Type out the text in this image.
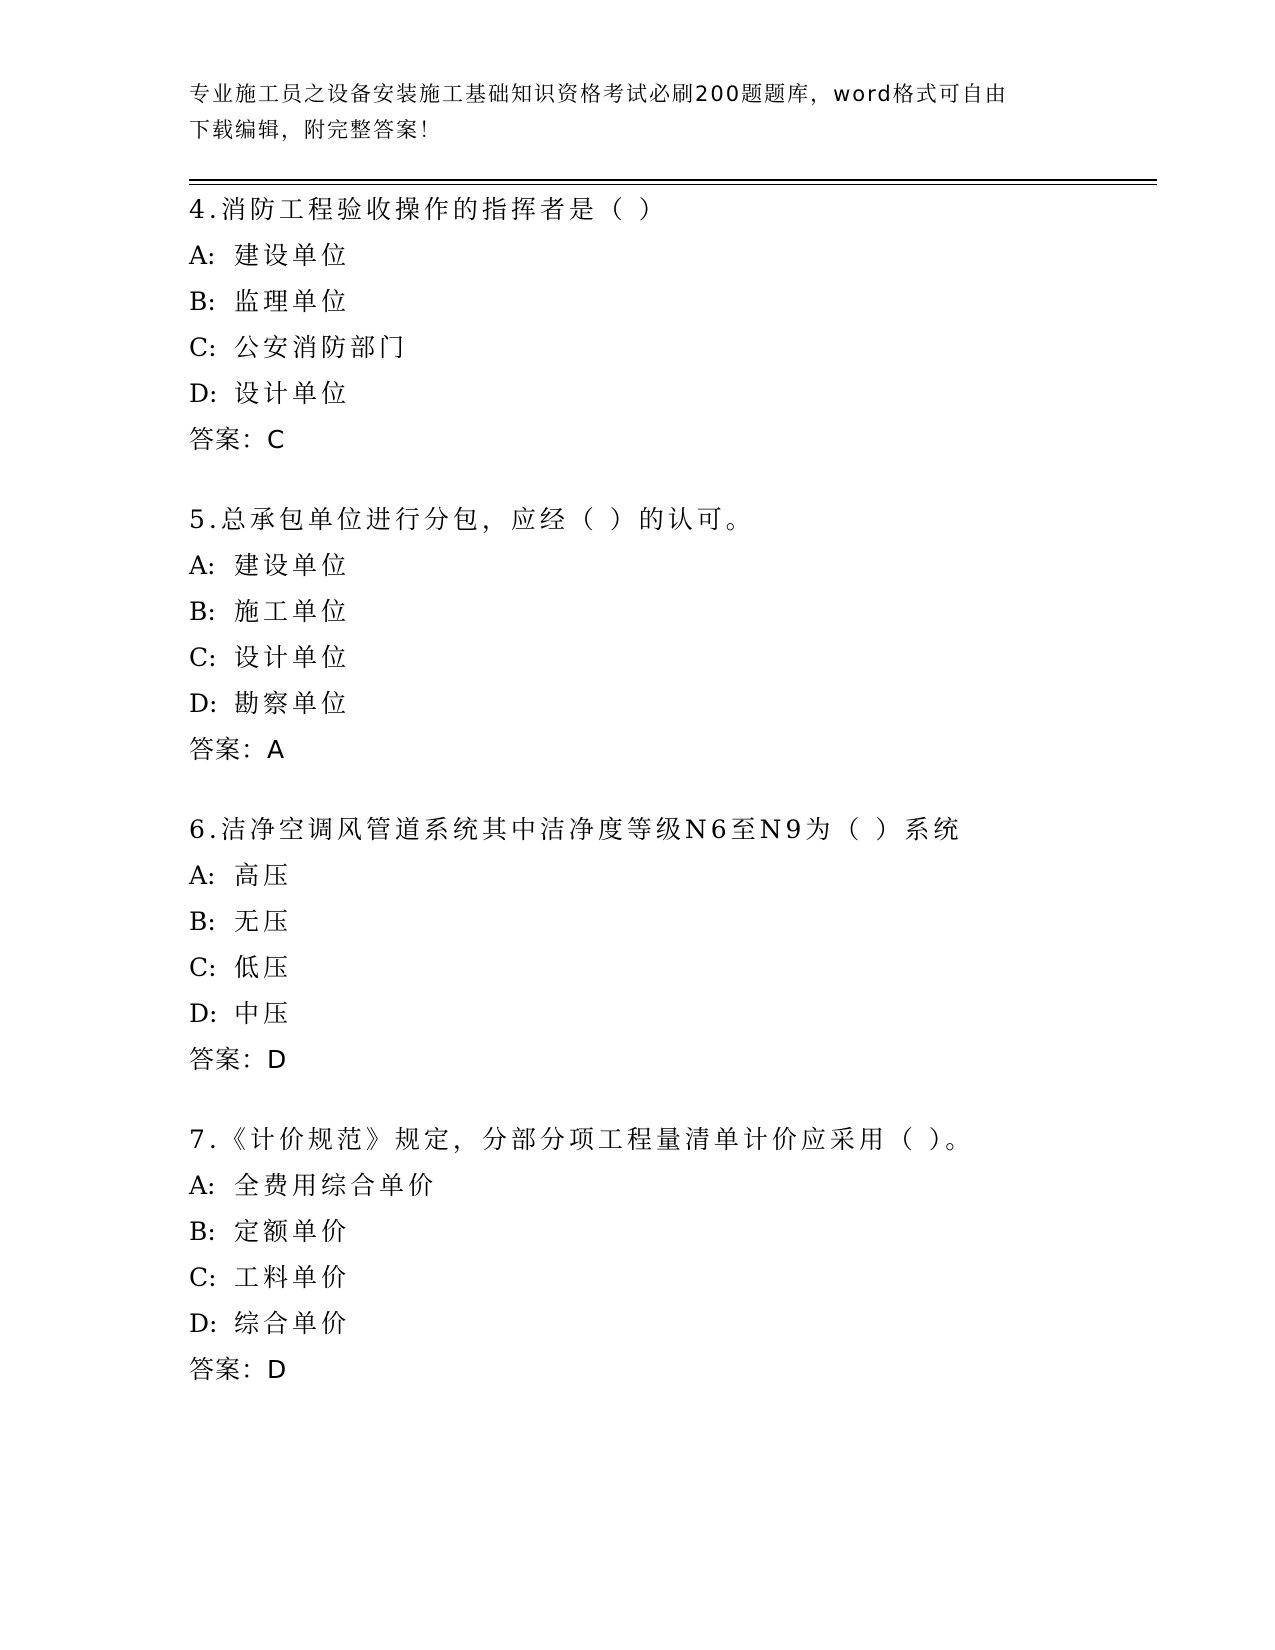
专业施工员之设备安装施工基础知识资格考试必刷200题题库，word格式可自由
下载编辑，附完整答案！
4.消防工程验收操作的指挥者是（ ）
A: 建设单位
B: 监理单位
C: 公安消防部门
D: 设计单位
答案：C
5.总承包单位进行分包，应经（ ）的认可。
A: 建设单位
B: 施工单位
C: 设计单位
D: 勘察单位
答案：A
6.洁净空调风管道系统其中洁净度等级N6至N9为（ ）系统
A: 高压
B: 无压
C: 低压
D: 中压
答案：D
7.《计价规范》规定，分部分项工程量清单计价应采用（ ）。
A: 全费用综合单价
B: 定额单价
C: 工料单价
D: 综合单价
答案：D
